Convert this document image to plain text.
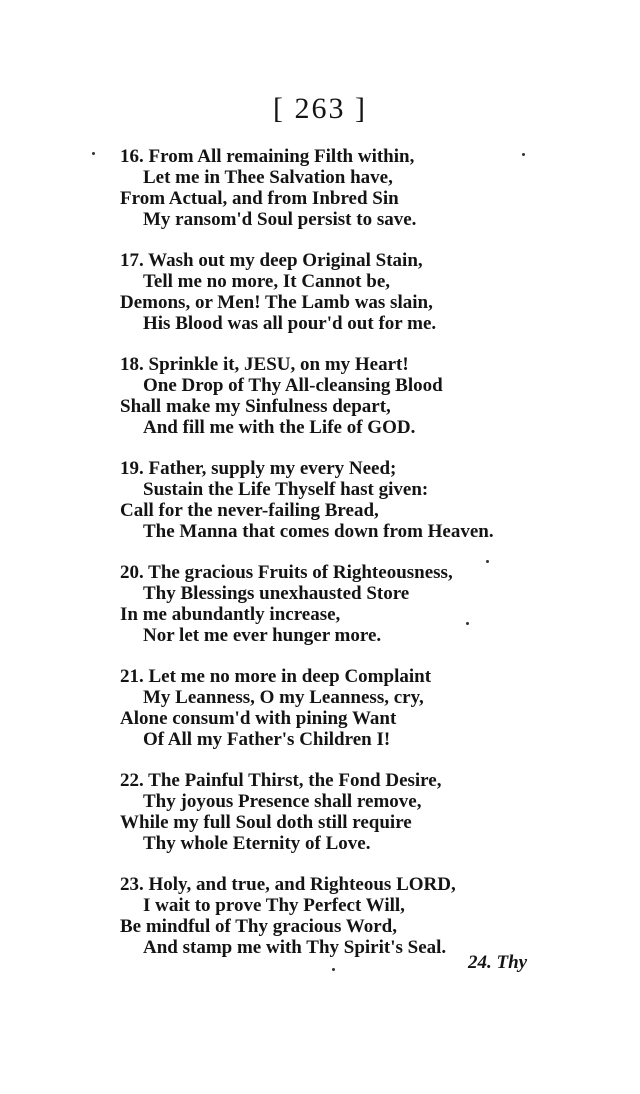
[ 263 ]
16. From All remaining Filth within,
Let me in Thee Salvation have,
From Actual, and from Inbred Sin
My ransom'd Soul persist to save.
17. Wash out my deep Original Stain,
Tell me no more, It Cannot be,
Demons, or Men! The Lamb was slain,
His Blood was all pour'd out for me.
18. Sprinkle it, JESU, on my Heart!
One Drop of Thy All-cleansing Blood
Shall make my Sinfulness depart,
And fill me with the Life of GOD.
19. Father, supply my every Need;
Sustain the Life Thyself hast given:
Call for the never-failing Bread,
The Manna that comes down from Heaven.
20. The gracious Fruits of Righteousness,
Thy Blessings unexhausted Store
In me abundantly increase,
Nor let me ever hunger more.
21. Let me no more in deep Complaint
My Leanness, O my Leanness, cry,
Alone consum'd with pining Want
Of All my Father's Children I!
22. The Painful Thirst, the Fond Desire,
Thy joyous Presence shall remove,
While my full Soul doth still require
Thy whole Eternity of Love.
23. Holy, and true, and Righteous LORD,
I wait to prove Thy Perfect Will,
Be mindful of Thy gracious Word,
And stamp me with Thy Spirit's Seal.
24. Thy
